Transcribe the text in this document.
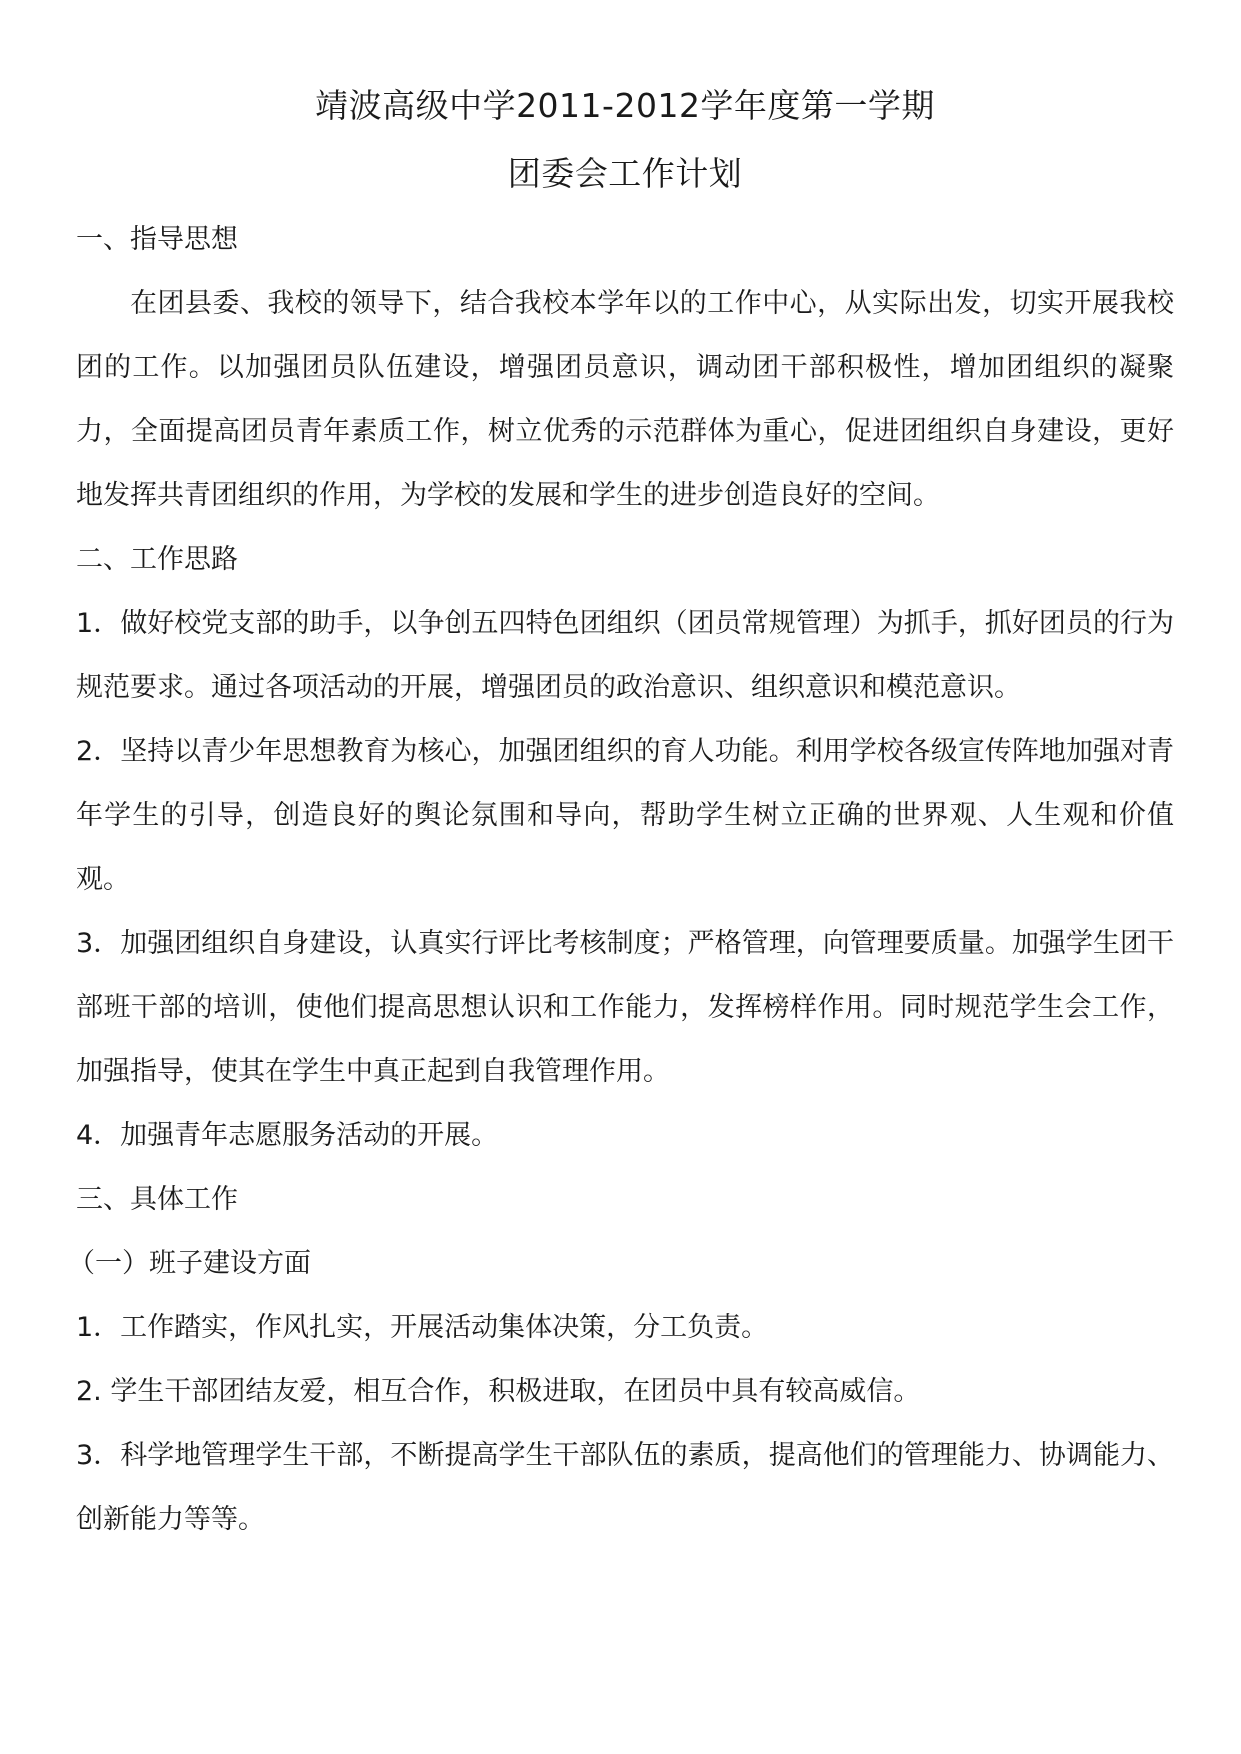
靖波高级中学2011-2012学年度第一学期
团委会工作计划
一、指导思想

在团县委、我校的领导下，结合我校本学年以的工作中心，从实际出发，切实开展我校团的工作。以加强团员队伍建设，增强团员意识，调动团干部积极性，增加团组织的凝聚力，全面提高团员青年素质工作，树立优秀的示范群体为重心，促进团组织自身建设，更好地发挥共青团组织的作用，为学校的发展和学生的进步创造良好的空间。

二、工作思路

1．做好校党支部的助手，以争创五四特色团组织（团员常规管理）为抓手，抓好团员的行为规范要求。通过各项活动的开展，增强团员的政治意识、组织意识和模范意识。

2．坚持以青少年思想教育为核心，加强团组织的育人功能。利用学校各级宣传阵地加强对青年学生的引导，创造良好的舆论氛围和导向，帮助学生树立正确的世界观、人生观和价值观。

3．加强团组织自身建设，认真实行评比考核制度；严格管理，向管理要质量。加强学生团干部班干部的培训，使他们提高思想认识和工作能力，发挥榜样作用。同时规范学生会工作，加强指导，使其在学生中真正起到自我管理作用。

4．加强青年志愿服务活动的开展。

三、具体工作
（一）班子建设方面

1．工作踏实，作风扎实，开展活动集体决策，分工负责。

2. 学生干部团结友爱，相互合作，积极进取，在团员中具有较高威信。

3．科学地管理学生干部，不断提高学生干部队伍的素质，提高他们的管理能力、协调能力、创新能力等等。
